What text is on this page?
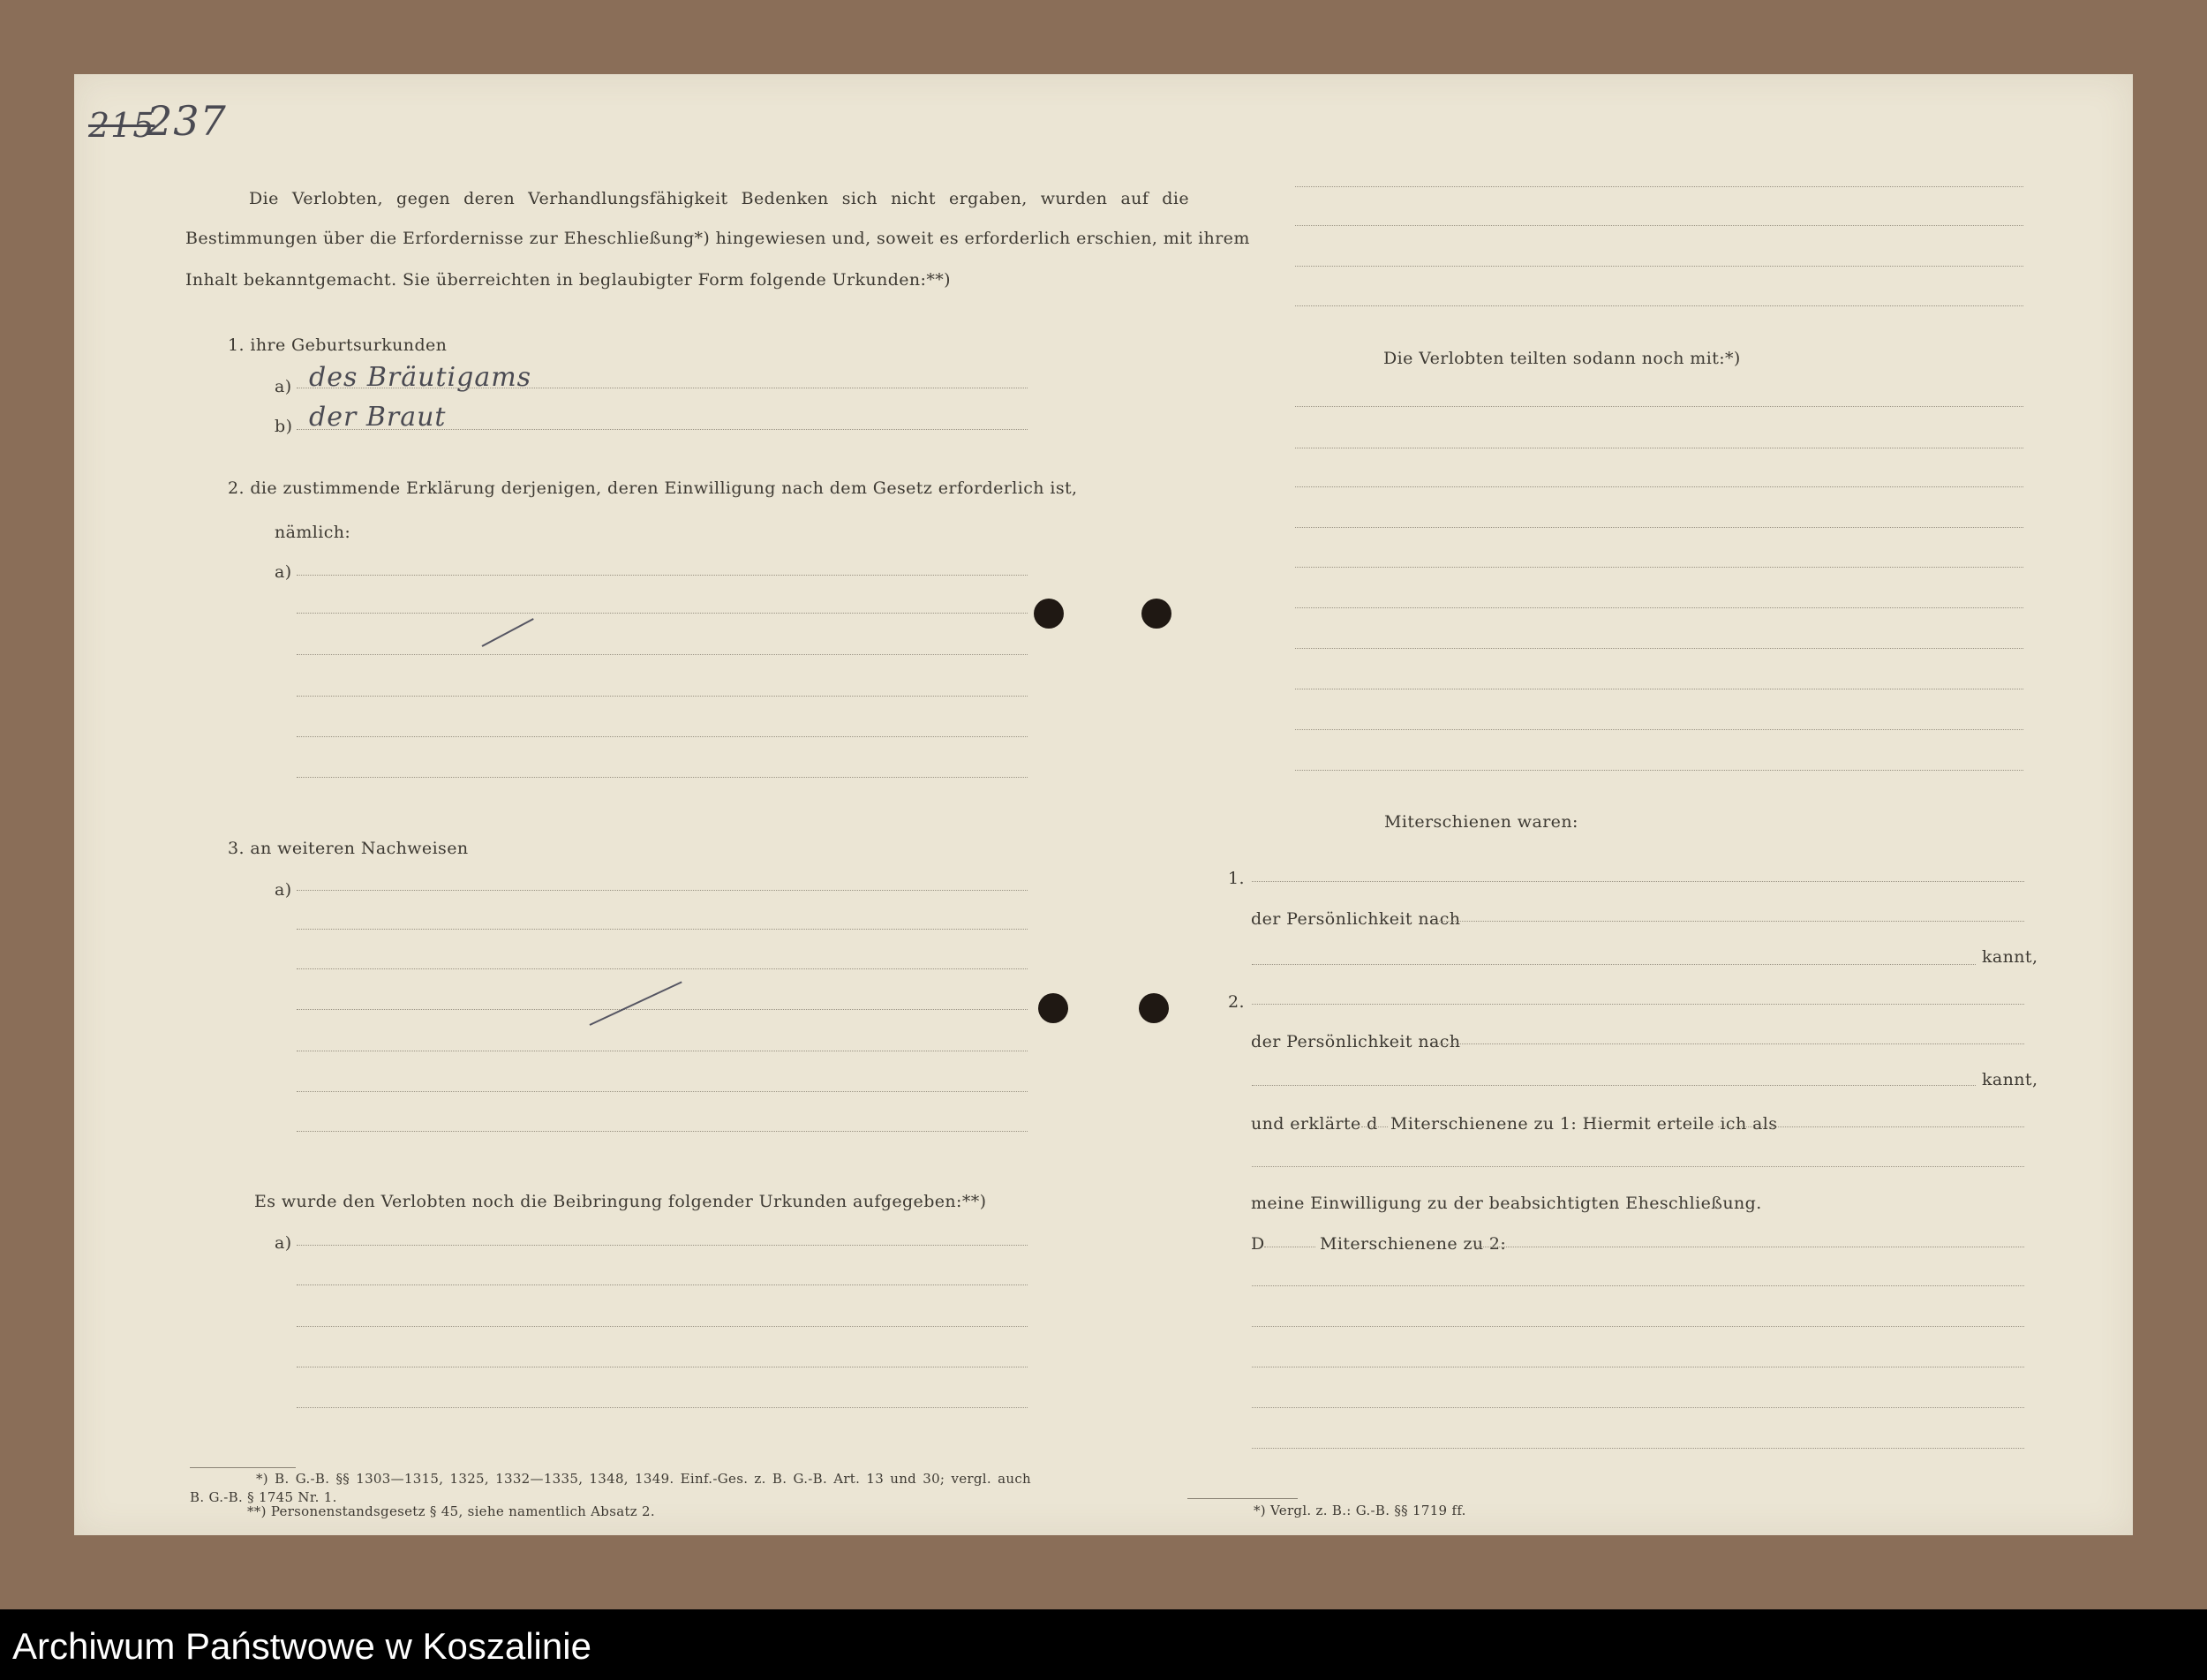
215
237
Die Verlobten, gegen deren Verhandlungsfähigkeit Bedenken sich nicht ergaben, wurden auf die
Bestimmungen über die Erfordernisse zur Eheschließung*) hingewiesen und, soweit es erforderlich erschien, mit ihrem
Inhalt bekanntgemacht. Sie überreichten in beglaubigter Form folgende Urkunden:**)
1. ihre Geburtsurkunden
a) des Bräutigams
b) der Braut
2. die zustimmende Erklärung derjenigen, deren Einwilligung nach dem Gesetz erforderlich ist,
nämlich:
a)
3. an weiteren Nachweisen
a)
Es wurde den Verlobten noch die Beibringung folgender Urkunden aufgegeben:**)
a)
*) B. G.-B. §§ 1303—1315, 1325, 1332—1335, 1348, 1349. Einf.-Ges. z. B. G.-B. Art. 13 und 30; vergl. auch
B. G.-B. § 1745 Nr. 1.
**) Personenstandsgesetz § 45, siehe namentlich Absatz 2.
Die Verlobten teilten sodann noch mit:*)
Miterschienen waren:
1.
der Persönlichkeit nach
kannt,
2.
der Persönlichkeit nach
kannt,
und erklärte d Miterschienene zu 1: Hiermit erteile ich als
meine Einwilligung zu der beabsichtigten Eheschließung.
D	Miterschienene zu 2:
*) Vergl. z. B.: G.-B. §§ 1719 ff.
Archiwum Państwowe w Koszalinie
